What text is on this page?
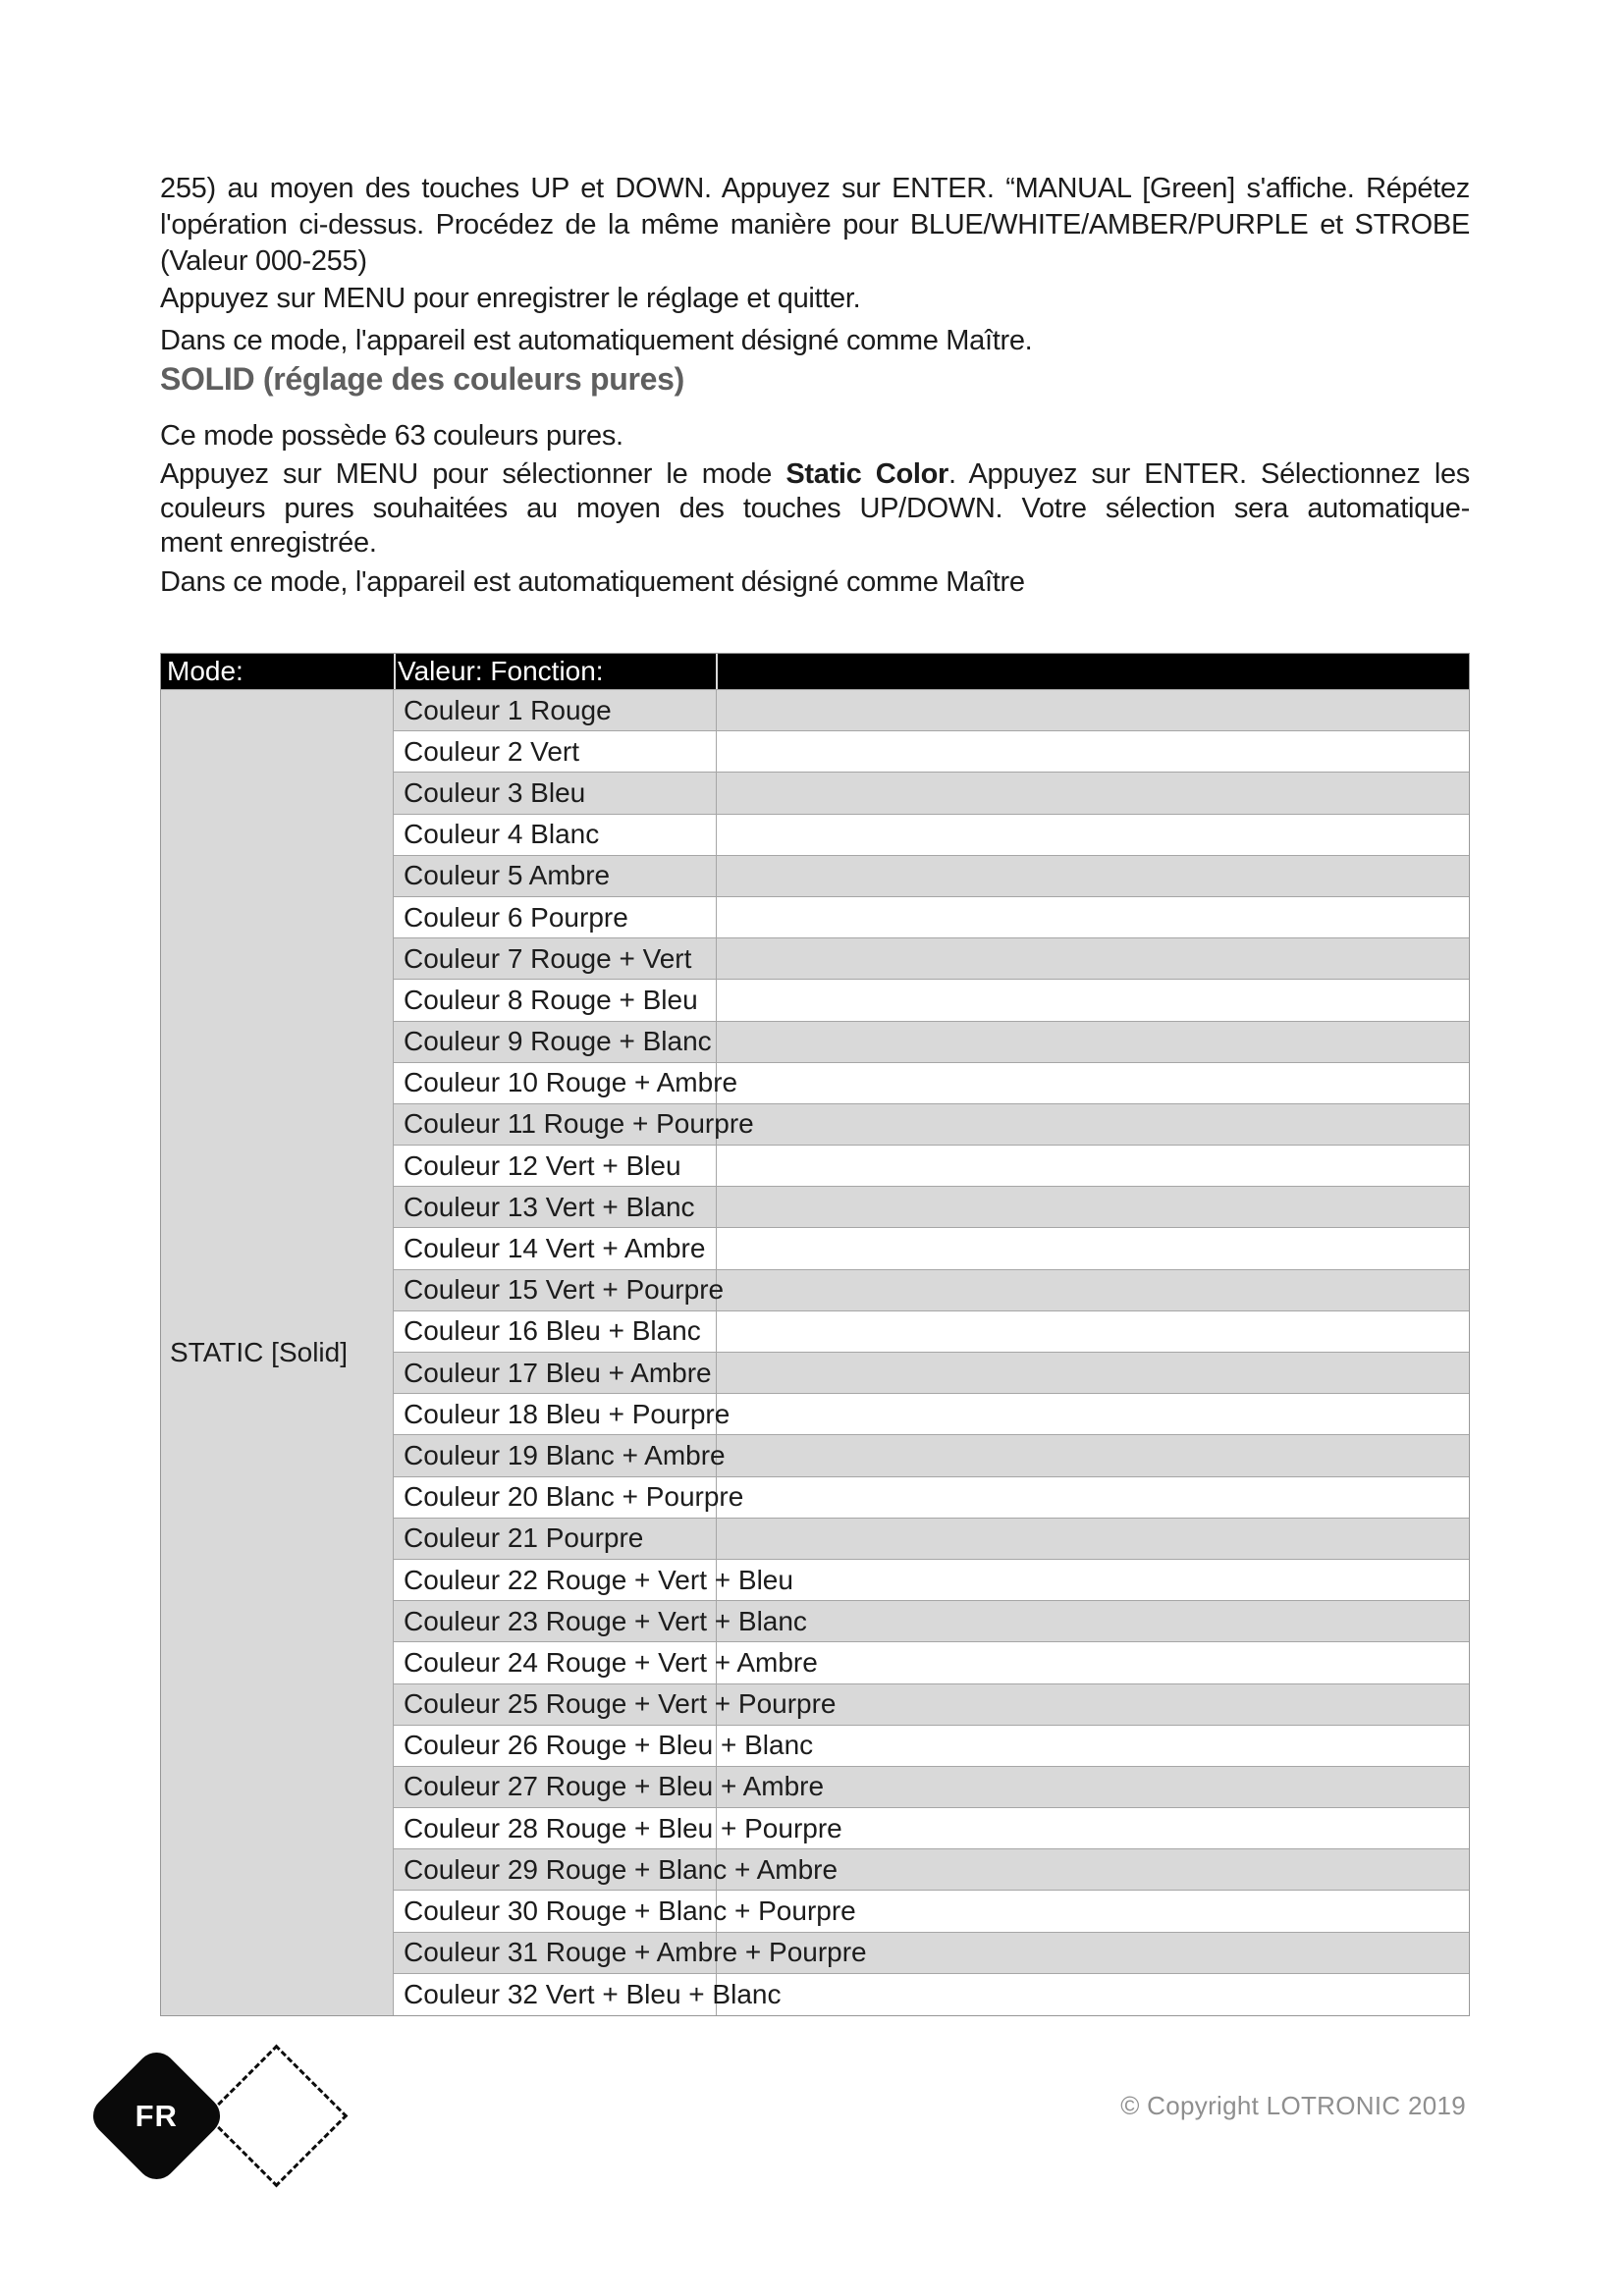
255) au moyen des touches UP et DOWN. Appuyez sur ENTER. “MANUAL [Green] s'affiche. Répétez
l'opération ci-dessus. Procédez de la même manière pour BLUE/WHITE/AMBER/PURPLE et STROBE
(Valeur 000-255)
Appuyez sur MENU pour enregistrer le réglage et quitter.
Dans ce mode, l'appareil est automatiquement désigné comme Maître.
SOLID (réglage des couleurs pures)
Ce mode possède 63 couleurs pures.
Appuyez sur MENU pour sélectionner le mode Static Color. Appuyez sur ENTER. Sélectionnez les
couleurs pures souhaitées au moyen des touches UP/DOWN. Votre sélection sera automatique-
ment enregistrée.
Dans ce mode, l'appareil est automatiquement désigné comme Maître
Mode:	Valeur: Fonction:
STATIC [Solid]
Couleur 1 Rouge
Couleur 2 Vert
Couleur 3 Bleu
Couleur 4 Blanc
Couleur 5 Ambre
Couleur 6 Pourpre
Couleur 7 Rouge + Vert
Couleur 8 Rouge + Bleu
Couleur 9 Rouge + Blanc
Couleur 10 Rouge + Ambre
Couleur 11 Rouge + Pourpre
Couleur 12 Vert + Bleu
Couleur 13 Vert + Blanc
Couleur 14 Vert + Ambre
Couleur 15 Vert + Pourpre
Couleur 16 Bleu + Blanc
Couleur 17 Bleu + Ambre
Couleur 18 Bleu + Pourpre
Couleur 19 Blanc + Ambre
Couleur 20 Blanc + Pourpre
Couleur 21 Pourpre
Couleur 22 Rouge + Vert + Bleu
Couleur 23 Rouge + Vert + Blanc
Couleur 24 Rouge + Vert + Ambre
Couleur 25 Rouge + Vert + Pourpre
Couleur 26 Rouge + Bleu + Blanc
Couleur 27 Rouge + Bleu + Ambre
Couleur 28 Rouge + Bleu + Pourpre
Couleur 29 Rouge + Blanc + Ambre
Couleur 30 Rouge + Blanc + Pourpre
Couleur 31 Rouge + Ambre + Pourpre
Couleur 32 Vert + Bleu + Blanc
FR	© Copyright LOTRONIC 2019
